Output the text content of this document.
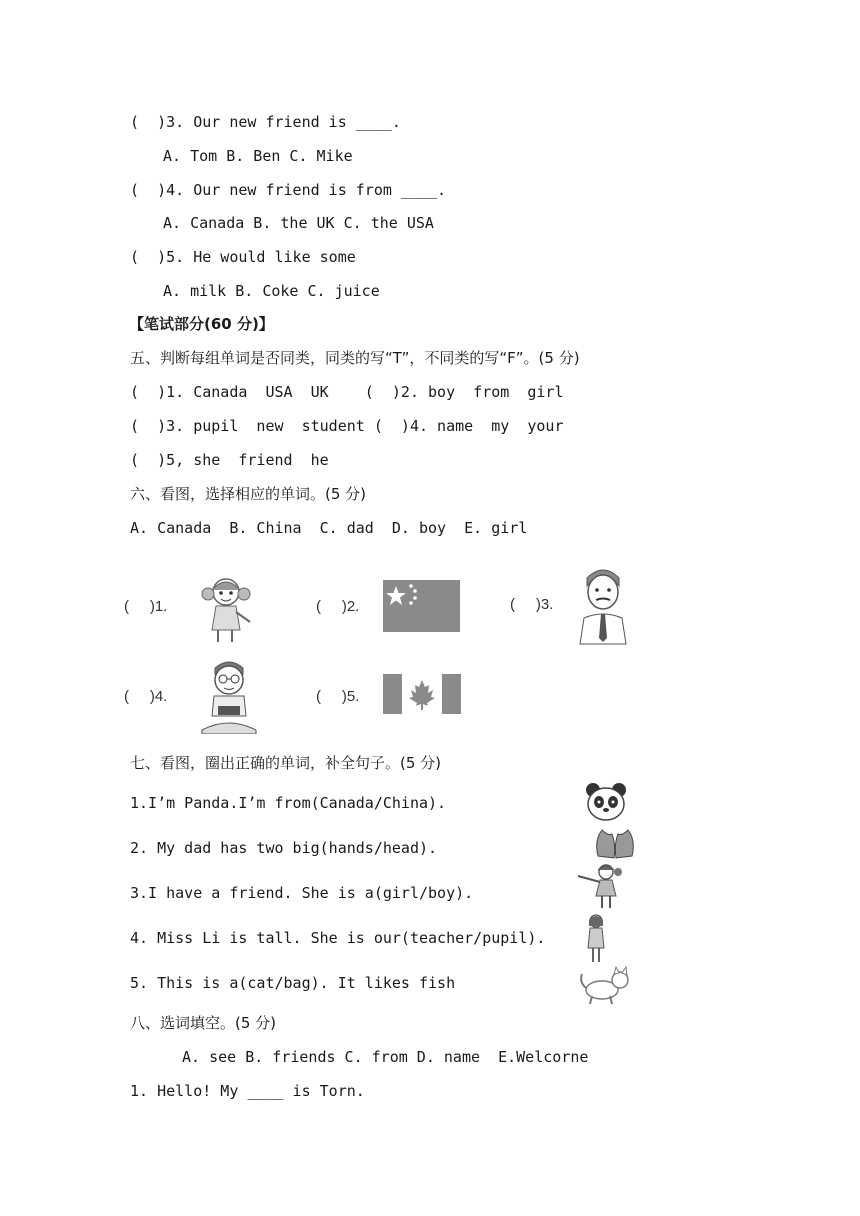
(  )3. Our new friend is ____.
A. Tom B. Ben C. Mike
(  )4. Our new friend is from ____.
A. Canada B. the UK C. the USA
(  )5. He would like some
A. milk B. Coke C. juice
【笔试部分(60 分)】
五、判断每组单词是否同类，同类的写“T”，不同类的写“F”。(5 分)
(  )1. Canada  USA  UK    (  )2. boy  from  girl
(  )3. pupil  new  student (  )4. name  my  your
(  )5, she  friend  he
六、看图，选择相应的单词。(5 分)
A. Canada  B. China  C. dad  D. boy  E. girl
(     )1.	(     )2.	(     )3.
(     )4.	(     )5.
七、看图，圈出正确的单词，补全句子。(5 分)
1.I’m Panda.I’m from(Canada/China).
2. My dad has two big(hands/head).
3.I have a friend. She is a(girl/boy).
4. Miss Li is tall. She is our(teacher/pupil).
5. This is a(cat/bag). It likes fish
八、选词填空。(5 分)
A. see B. friends C. from D. name  E.Welcorne
1. Hello! My ____ is Torn.
